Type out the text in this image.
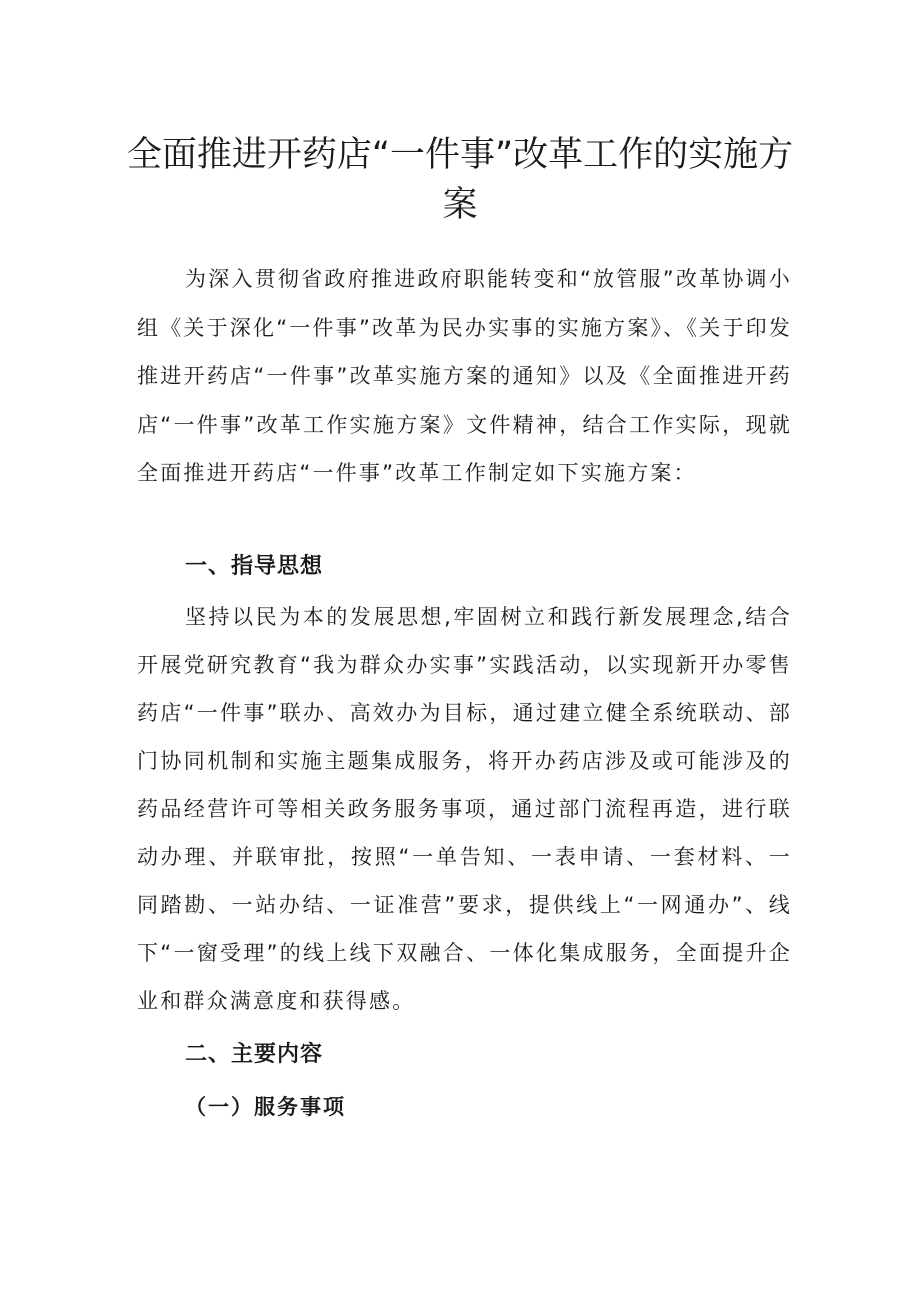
全面推进开药店“一件事”改革工作的实施方案

为深入贯彻省政府推进政府职能转变和“放管服”改革协调小组《关于深化“一件事”改革为民办实事的实施方案》、《关于印发推进开药店“一件事”改革实施方案的通知》以及《全面推进开药店“一件事”改革工作实施方案》文件精神，结合工作实际，现就全面推进开药店“一件事”改革工作制定如下实施方案：

一、指导思想

坚持以民为本的发展思想,牢固树立和践行新发展理念,结合开展党研究教育“我为群众办实事”实践活动，以实现新开办零售药店“一件事”联办、高效办为目标，通过建立健全系统联动、部门协同机制和实施主题集成服务，将开办药店涉及或可能涉及的药品经营许可等相关政务服务事项，通过部门流程再造，进行联动办理、并联审批，按照“一单告知、一表申请、一套材料、一同踏勘、一站办结、一证准营”要求，提供线上“一网通办”、线下“一窗受理”的线上线下双融合、一体化集成服务，全面提升企业和群众满意度和获得感。

二、主要内容
（一）服务事项
